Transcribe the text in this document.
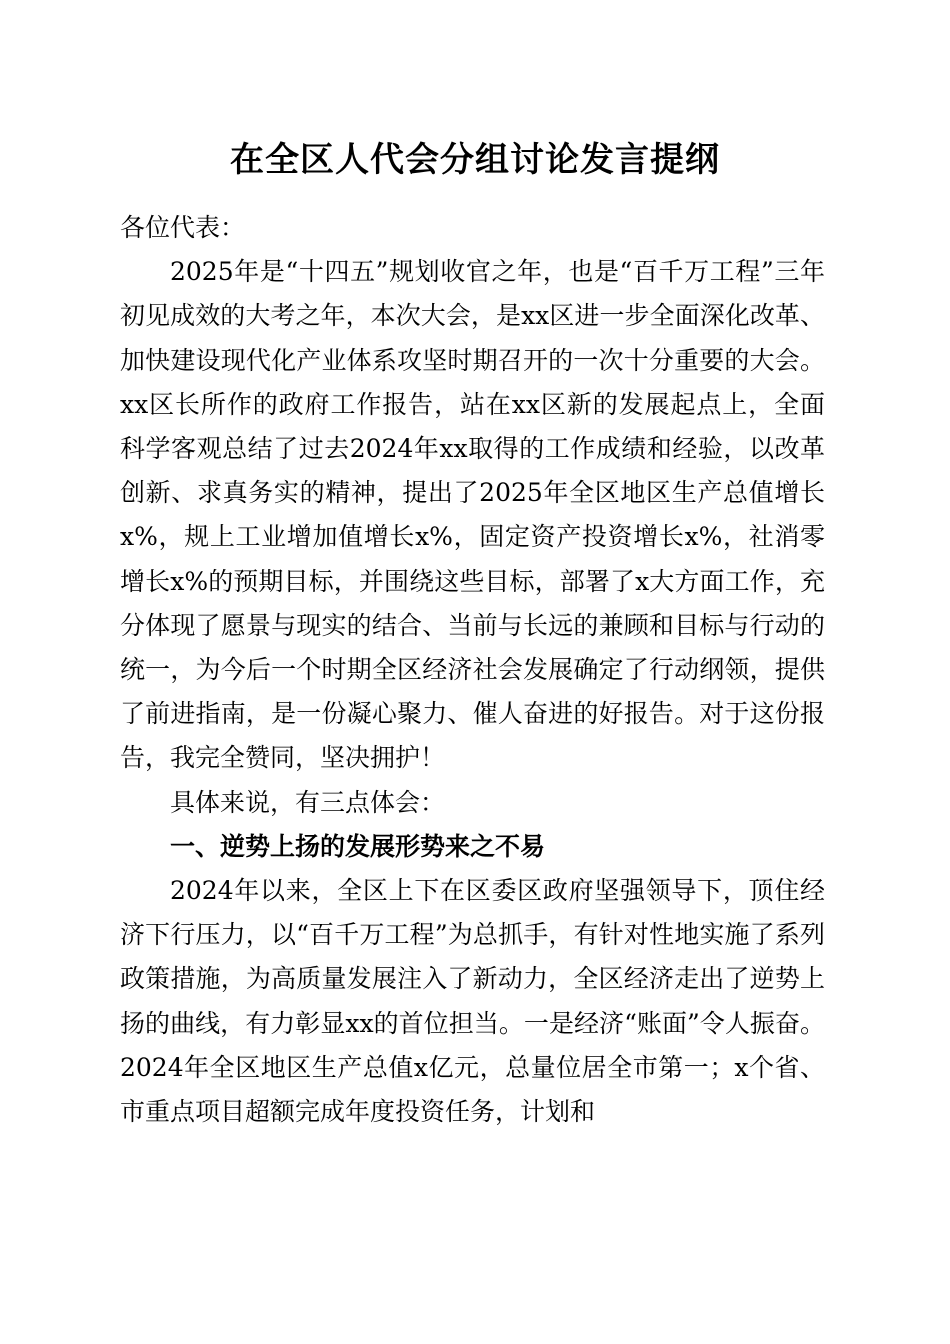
在全区人代会分组讨论发言提纲

各位代表：

2025年是“十四五”规划收官之年，也是“百千万工程”三年初见成效的大考之年，本次大会，是xx区进一步全面深化改革、加快建设现代化产业体系攻坚时期召开的一次十分重要的大会。xx区长所作的政府工作报告，站在xx区新的发展起点上，全面科学客观总结了过去2024年xx取得的工作成绩和经验，以改革创新、求真务实的精神，提出了2025年全区地区生产总值增长x%，规上工业增加值增长x%，固定资产投资增长x%，社消零增长x%的预期目标，并围绕这些目标，部署了x大方面工作，充分体现了愿景与现实的结合、当前与长远的兼顾和目标与行动的统一，为今后一个时期全区经济社会发展确定了行动纲领，提供了前进指南，是一份凝心聚力、催人奋进的好报告。对于这份报告，我完全赞同，坚决拥护！

具体来说，有三点体会：

一、逆势上扬的发展形势来之不易

2024年以来，全区上下在区委区政府坚强领导下，顶住经济下行压力，以“百千万工程”为总抓手，有针对性地实施了系列政策措施，为高质量发展注入了新动力，全区经济走出了逆势上扬的曲线，有力彰显xx的首位担当。一是经济“账面”令人振奋。2024年全区地区生产总值x亿元，总量位居全市第一；x个省、市重点项目超额完成年度投资任务，计划和
